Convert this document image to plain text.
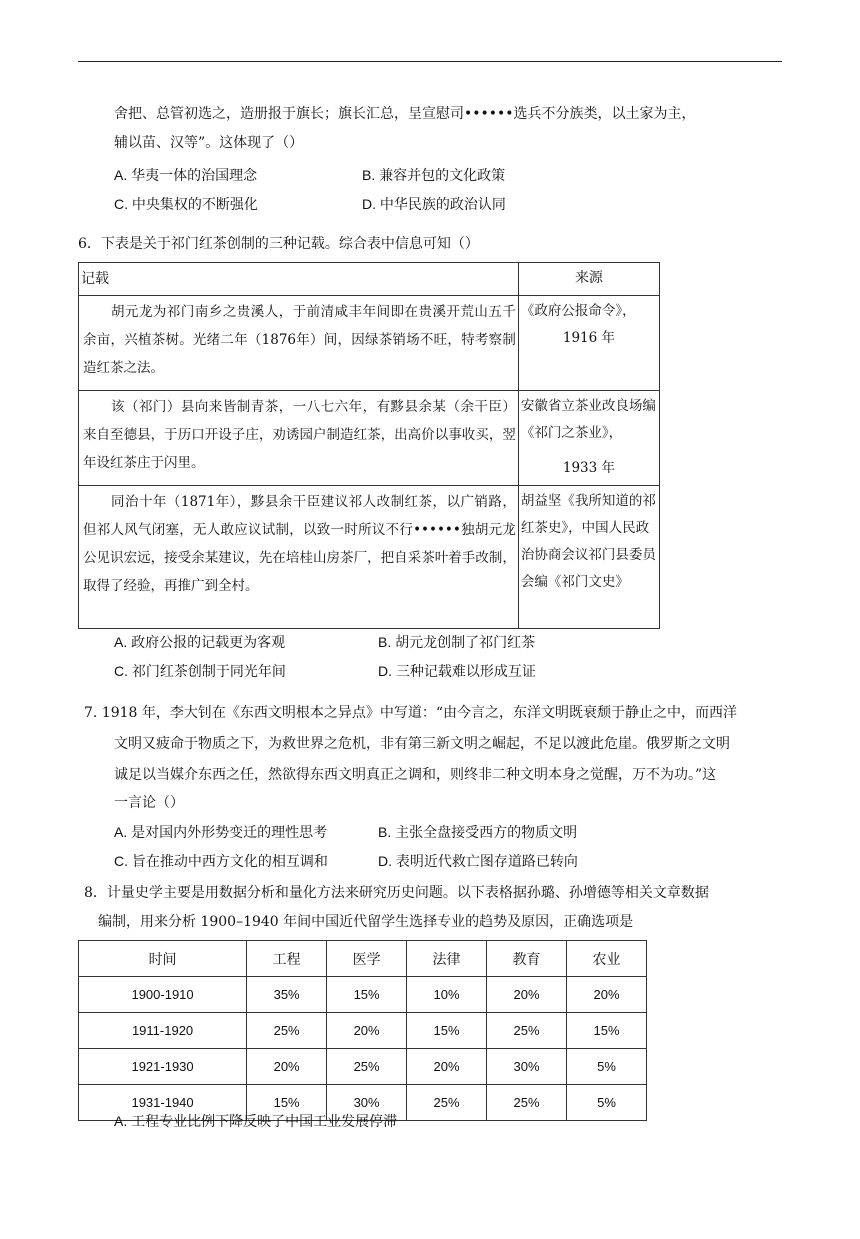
舍把、总管初选之，造册报于旗长；旗长汇总，呈宣慰司••••••选兵不分族类，以土家为主，
辅以苗、汉等”。这体现了（）
A. 华夷一体的治国理念	B. 兼容并包的文化政策
C. 中央集权的不断强化	D. 中华民族的政治认同
6．下表是关于祁门红茶创制的三种记载。综合表中信息可知（）
记载	来源
胡元龙为祁门南乡之贵溪人，于前清咸丰年间即在贵溪开荒山五千余亩，兴植茶树。光绪二年（1876年）间，因绿茶销场不旺，特考察制造红茶之法。	《政府公报命令》，
1916 年

该（祁门）县向来皆制青茶，一八七六年，有黟县余某（余干臣）来自至德县，于历口开设子庄，劝诱园户制造红茶，出高价以事收买，翌年设红茶庄于闪里。	安徽省立茶业改良场编《祁门之茶业》，
1933 年

同治十年（1871年），黟县余干臣建议祁人改制红茶，以广销路，但祁人风气闭塞，无人敢应议试制，以致一时所议不行••••••独胡元龙公见识宏远，接受余某建议，先在培桂山房茶厂，把自采茶叶着手改制，取得了经验，再推广到全村。	胡益坚《我所知道的祁红茶史》，中国人民政治协商会议祁门县委员会编《祁门文史》
A. 政府公报的记载更为客观	B. 胡元龙创制了祁门红茶
C. 祁门红茶创制于同光年间	D. 三种记载难以形成互证
7. 1918 年，李大钊在《东西文明根本之异点》中写道：“由今言之，东洋文明既衰颓于静止之中，而西洋
文明又疲命于物质之下，为救世界之危机，非有第三新文明之崛起，不足以渡此危崖。俄罗斯之文明
诚足以当媒介东西之任，然欲得东西文明真正之调和，则终非二种文明本身之觉醒，万不为功。”这
一言论（）
A. 是对国内外形势变迁的理性思考	B. 主张全盘接受西方的物质文明
C. 旨在推动中西方文化的相互调和	D. 表明近代救亡图存道路已转向
8．计量史学主要是用数据分析和量化方法来研究历史问题。以下表格据孙璐、孙增德等相关文章数据
编制，用来分析 1900–1940 年间中国近代留学生选择专业的趋势及原因，正确选项是
时间	工程	医学	法律	教育	农业
1900-1910	35%	15%	10%	20%	20%
1911-1920	25%	20%	15%	25%	15%
1921-1930	20%	25%	20%	30%	5%
1931-1940	15%	30%	25%	25%	5%
A. 工程专业比例下降反映了中国工业发展停滞
